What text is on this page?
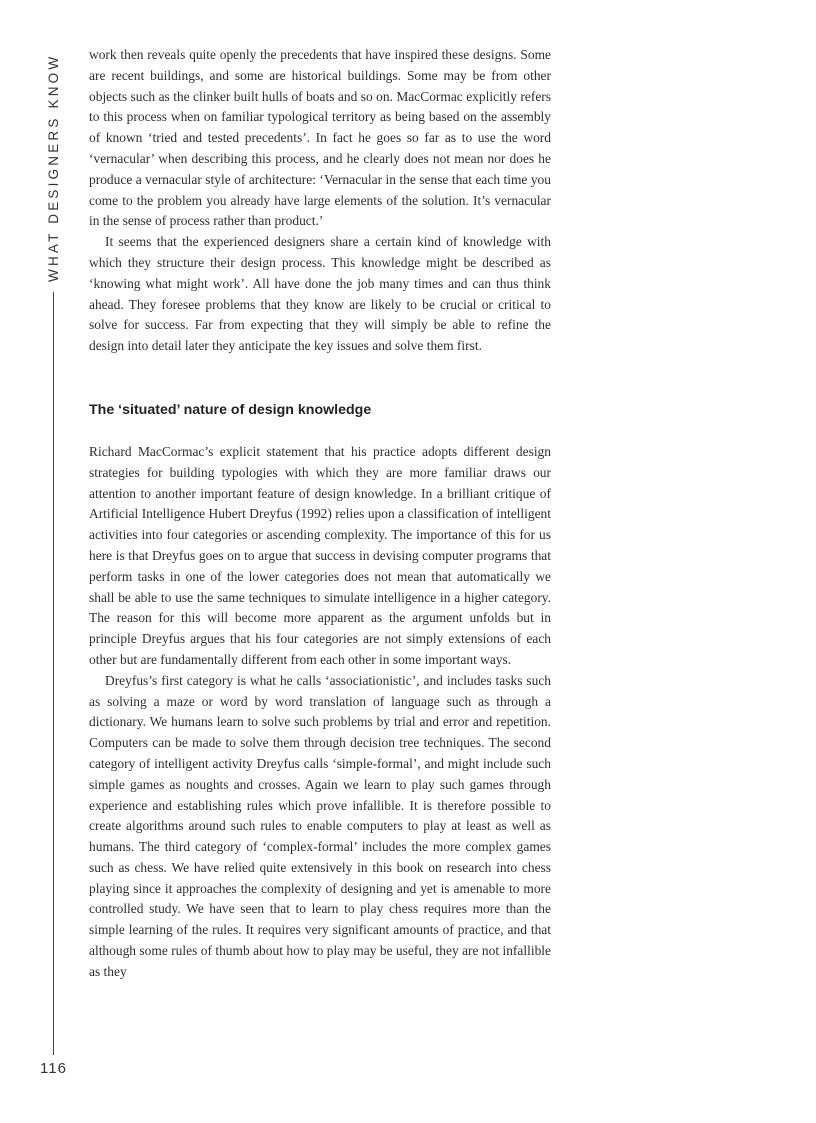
WHAT DESIGNERS KNOW
116

work then reveals quite openly the precedents that have inspired these designs. Some are recent buildings, and some are historical buildings. Some may be from other objects such as the clinker built hulls of boats and so on. MacCormac explicitly refers to this process when on familiar typological territory as being based on the assembly of known ‘tried and tested precedents’. In fact he goes so far as to use the word ‘vernacular’ when describing this process, and he clearly does not mean nor does he produce a vernacular style of architecture: ‘Vernacular in the sense that each time you come to the problem you already have large elements of the solution. It’s vernacular in the sense of process rather than product.’

It seems that the experienced designers share a certain kind of knowledge with which they structure their design process. This knowledge might be described as ‘knowing what might work’. All have done the job many times and can thus think ahead. They foresee problems that they know are likely to be crucial or critical to solve for success. Far from expecting that they will simply be able to refine the design into detail later they anticipate the key issues and solve them first.

The ‘situated’ nature of design knowledge

Richard MacCormac’s explicit statement that his practice adopts different design strategies for building typologies with which they are more familiar draws our attention to another important feature of design knowledge. In a brilliant critique of Artificial Intelligence Hubert Dreyfus (1992) relies upon a classification of intelligent activities into four categories or ascending complexity. The importance of this for us here is that Dreyfus goes on to argue that success in devising computer programs that perform tasks in one of the lower categories does not mean that automatically we shall be able to use the same techniques to simulate intelligence in a higher category. The reason for this will become more apparent as the argument unfolds but in principle Dreyfus argues that his four categories are not simply extensions of each other but are fundamentally different from each other in some important ways.

Dreyfus’s first category is what he calls ‘associationistic’, and includes tasks such as solving a maze or word by word translation of language such as through a dictionary. We humans learn to solve such problems by trial and error and repetition. Computers can be made to solve them through decision tree techniques. The second category of intelligent activity Dreyfus calls ‘simple-formal’, and might include such simple games as noughts and crosses. Again we learn to play such games through experience and establishing rules which prove infallible. It is therefore possible to create algorithms around such rules to enable computers to play at least as well as humans. The third category of ‘complex-formal’ includes the more complex games such as chess. We have relied quite extensively in this book on research into chess playing since it approaches the complexity of designing and yet is amenable to more controlled study. We have seen that to learn to play chess requires more than the simple learning of the rules. It requires very significant amounts of practice, and that although some rules of thumb about how to play may be useful, they are not infallible as they
